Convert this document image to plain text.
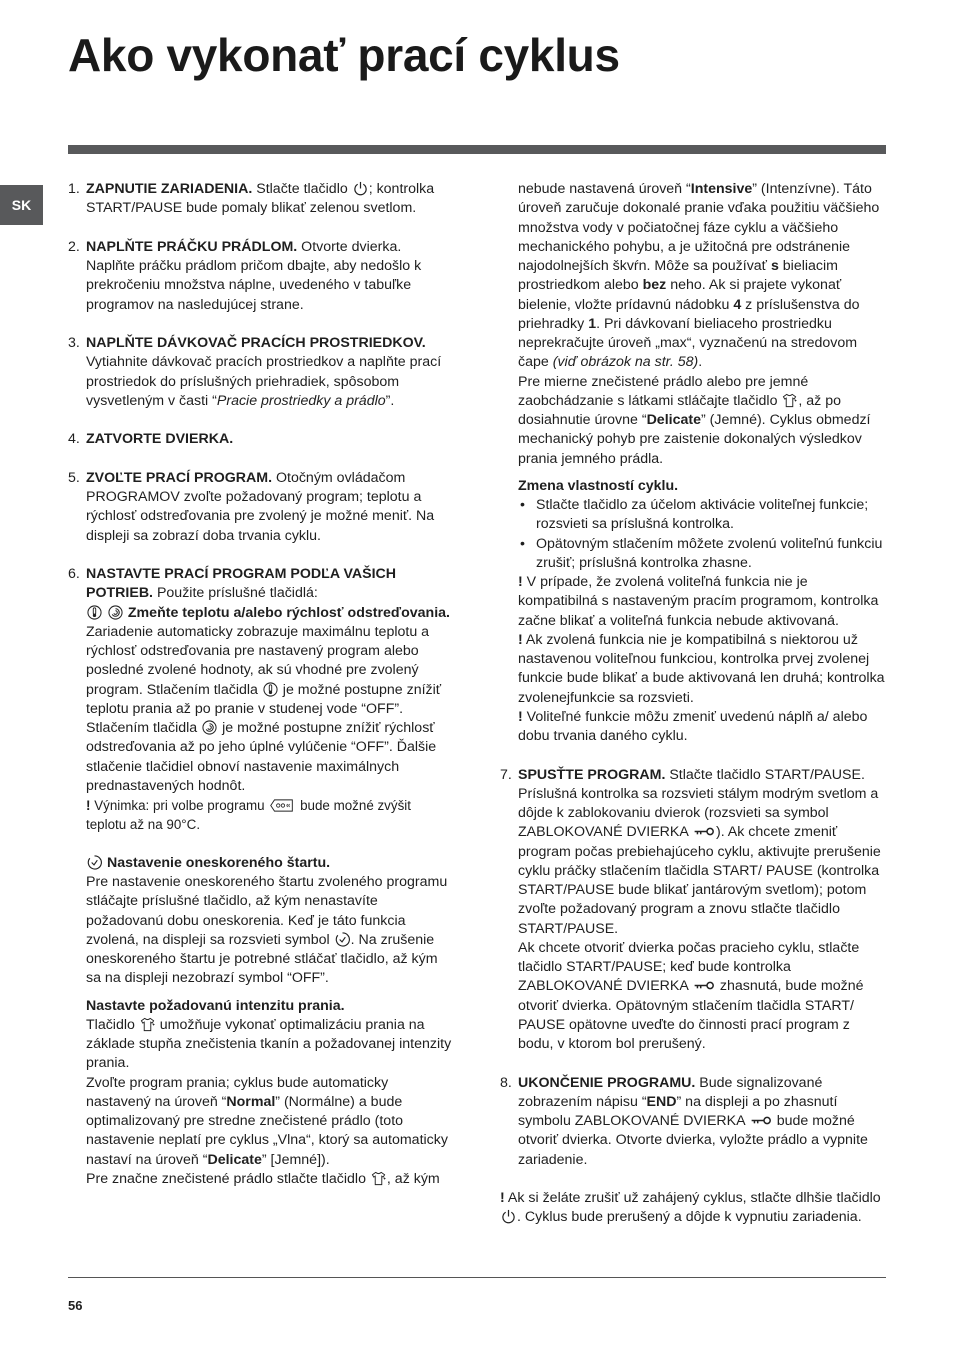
Ako vykonať prací cyklus
SK
1. ZAPNUTIE ZARIADENIA. Stlačte tlačidlo
; kontrolka START/PAUSE bude pomaly blikať zelenou svetlom.
2. NAPLŇTE PRÁČKU PRÁDLOM. Otvorte dvierka. Naplňte práčku prádlom pričom dbajte, aby nedošlo k prekročeniu množstva náplne, uvedeného v tabuľke programov na nasledujúcej strane.
3. NAPLŇTE DÁVKOVAČ PRACÍCH PROSTRIEDKOV. Vytiahnite dávkovač pracích prostriedkov a naplňte prací prostriedok do príslušných priehradiek, spôsobom vysvetleným v časti “Pracie prostriedky a prádlo”.
4. ZATVORTE DVIERKA.
5. ZVOĽTE PRACÍ PROGRAM. Otočným ovládačom PROGRAMOV zvoľte požadovaný program; teplotu a rýchlosť odstreďovania pre zvolený je možné meniť. Na displeji sa zobrazí doba trvania cyklu.
6. NASTAVTE PRACÍ PROGRAM PODĽA VAŠICH POTRIEB. Použite príslušné tlačidlá:

Zmeňte teplotu a/alebo rýchlosť odstreďovania. Zariadenie automaticky zobrazuje maximálnu teplotu a rýchlosť odstreďovania pre nastavený program alebo posledné zvolené hodnoty, ak sú vhodné pre zvolený program. Stlačením tlačidla
je možné postupne znížiť teplotu prania až po pranie v studenej vode “OFF”. Stlačením tlačidla
je možné postupne znížiť rýchlosť odstreďovania až po jeho úplné vylúčenie “OFF”. Ďalšie stlačenie tlačidiel obnoví nastavenie maximálnych prednastavených hodnôt.

! Výnimka: pri volbe programu
bude možné zvýšit teplotu až na 90°C.

Nastavenie oneskoreného štartu.
Pre nastavenie oneskoreného štartu zvoleného programu stláčajte príslušné tlačidlo, až kým nenastavíte požadovanú dobu oneskorenia. Keď je táto funkcia zvolená, na displeji sa rozsvieti symbol
. Na zrušenie oneskoreného štartu je potrebné stláčať tlačidlo, až kým sa na displeji nezobrazí symbol “OFF”.

Nastavte požadovanú intenzitu prania.
Tlačidlo
umožňuje vykonať optimalizáciu prania na základe stupňa znečistenia tkanín a požadovanej intenzity prania.
Zvoľte program prania; cyklus bude automaticky nastavený na úroveň “Normal” (Normálne) a bude optimalizovaný pre stredne znečistené prádlo (toto nastavenie neplatí pre cyklus „Vlna“, ktorý sa automaticky nastaví na úroveň “Delicate” [Jemné]).
Pre značne znečistené prádlo stlačte tlačidlo
, až kým

nebude nastavená úroveň “Intensive” (Intenzívne). Táto úroveň zaručuje dokonalé pranie vďaka použitiu väčšieho množstva vody v počiatočnej fáze cyklu a väčšieho mechanického pohybu, a je užitočná pre odstránenie najodolnejších škvŕn. Môže sa používať s bieliacim prostriedkom alebo bez neho. Ak si prajete vykonať bielenie, vložte prídavnú nádobku 4 z príslušenstva do priehradky 1. Pri dávkovaní bieliaceho prostriedku neprekračujte úroveň „max“, vyznačenú na stredovom čape (viď obrázok na str. 58).

Pre mierne znečistené prádlo alebo pre jemné zaobchádzanie s látkami stláčajte tlačidlo
, až po dosiahnutie úrovne “Delicate” (Jemné). Cyklus obmedzí mechanický pohyb pre zaistenie dokonalých výsledkov prania jemného prádla.

Zmena vlastností cyklu.

• Stlačte tlačidlo za účelom aktivácie voliteľnej funkcie; rozsvieti sa príslušná kontrolka.

• Opätovným stlačením môžete zvolenú voliteľnú funkciu zrušiť; príslušná kontrolka zhasne.

! V prípade, že zvolená voliteľná funkcia nie je kompatibilná s nastaveným pracím programom, kontrolka začne blikať a voliteľná funkcia nebude aktivovaná.

! Ak zvolená funkcia nie je kompatibilná s niektorou už nastavenou voliteľnou funkciou, kontrolka prvej zvolenej funkcie bude blikať a bude aktivovaná len druhá; kontrolka zvolenejfunkcie sa rozsvieti.

! Voliteľné funkcie môžu zmeniť uvedenú náplň a/ alebo dobu trvania daného cyklu.

7. SPUSŤTE PROGRAM. Stlačte tlačidlo START/PAUSE. Príslušná kontrolka sa rozsvieti stálym modrým svetlom a dôjde k zablokovaniu dvierok (rozsvieti sa symbol ZABLOKOVANÉ DVIERKA
). Ak chcete zmeniť program počas prebiehajúceho cyklu, aktivujte prerušenie cyklu práčky stlačením tlačidla START/ PAUSE (kontrolka START/PAUSE bude blikať jantárovým svetlom); potom zvoľte požadovaný program a znovu stlačte tlačidlo START/PAUSE.
Ak chcete otvoriť dvierka počas pracieho cyklu, stlačte tlačidlo START/PAUSE; keď bude kontrolka ZABLOKOVANÉ DVIERKA
zhasnutá, bude možné otvoriť dvierka. Opätovným stlačením tlačidla START/ PAUSE opätovne uveďte do činnosti prací program z bodu, v ktorom bol prerušený.
8. UKONČENIE PROGRAMU. Bude signalizované zobrazením nápisu “END” na displeji a po zhasnutí symbolu ZABLOKOVANÉ DVIERKA
bude možné otvoriť dvierka. Otvorte dvierka, vyložte prádlo a vypnite zariadenie.

! Ak si želáte zrušiť už zahájený cyklus, stlačte dlhšie tlačidlo
. Cyklus bude prerušený a dôjde k vypnutiu zariadenia.

56
